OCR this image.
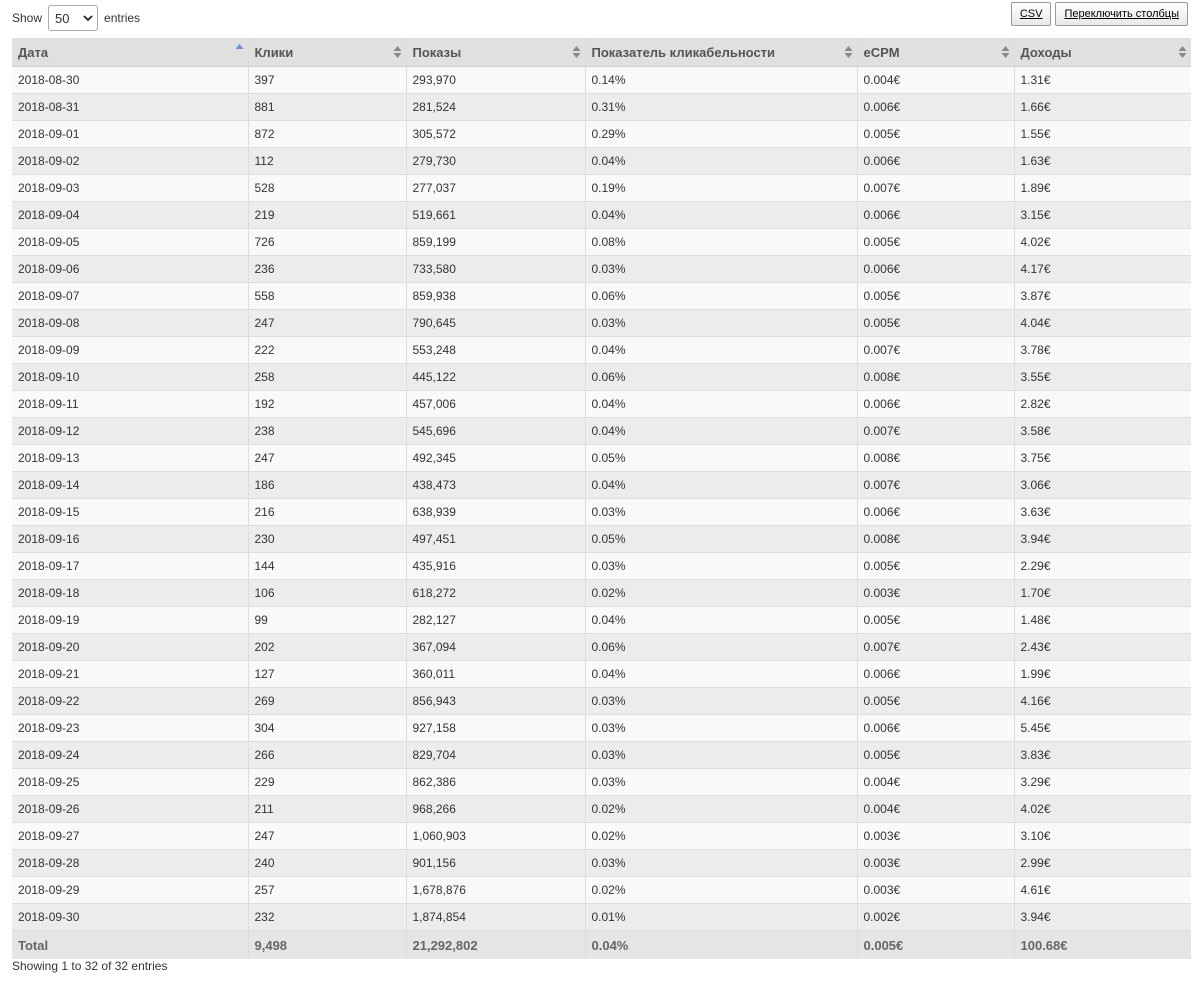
Show 50	entries	CSV	Переключить столбцы
Дата	Клики	Показы	Показатель кликабельности	eCPM	Доходы

2018-08-30	397	293,970	0.14%	0.004€	1.31€
2018-08-31	881	281,524	0.31%	0.006€	1.66€
2018-09-01	872	305,572	0.29%	0.005€	1.55€
2018-09-02	112	279,730	0.04%	0.006€	1.63€
2018-09-03	528	277,037	0.19%	0.007€	1.89€
2018-09-04	219	519,661	0.04%	0.006€	3.15€
2018-09-05	726	859,199	0.08%	0.005€	4.02€
2018-09-06	236	733,580	0.03%	0.006€	4.17€
2018-09-07	558	859,938	0.06%	0.005€	3.87€
2018-09-08	247	790,645	0.03%	0.005€	4.04€
2018-09-09	222	553,248	0.04%	0.007€	3.78€
2018-09-10	258	445,122	0.06%	0.008€	3.55€
2018-09-11	192	457,006	0.04%	0.006€	2.82€
2018-09-12	238	545,696	0.04%	0.007€	3.58€
2018-09-13	247	492,345	0.05%	0.008€	3.75€
2018-09-14	186	438,473	0.04%	0.007€	3.06€
2018-09-15	216	638,939	0.03%	0.006€	3.63€
2018-09-16	230	497,451	0.05%	0.008€	3.94€
2018-09-17	144	435,916	0.03%	0.005€	2.29€
2018-09-18	106	618,272	0.02%	0.003€	1.70€
2018-09-19	99	282,127	0.04%	0.005€	1.48€
2018-09-20	202	367,094	0.06%	0.007€	2.43€
2018-09-21	127	360,011	0.04%	0.006€	1.99€
2018-09-22	269	856,943	0.03%	0.005€	4.16€
2018-09-23	304	927,158	0.03%	0.006€	5.45€
2018-09-24	266	829,704	0.03%	0.005€	3.83€
2018-09-25	229	862,386	0.03%	0.004€	3.29€
2018-09-26	211	968,266	0.02%	0.004€	4.02€
2018-09-27	247	1,060,903	0.02%	0.003€	3.10€
2018-09-28	240	901,156	0.03%	0.003€	2.99€
2018-09-29	257	1,678,876	0.02%	0.003€	4.61€
2018-09-30	232	1,874,854	0.01%	0.002€	3.94€
Total	9,498	21,292,802	0.04%	0.005€	100.68€
Showing 1 to 32 of 32 entries
